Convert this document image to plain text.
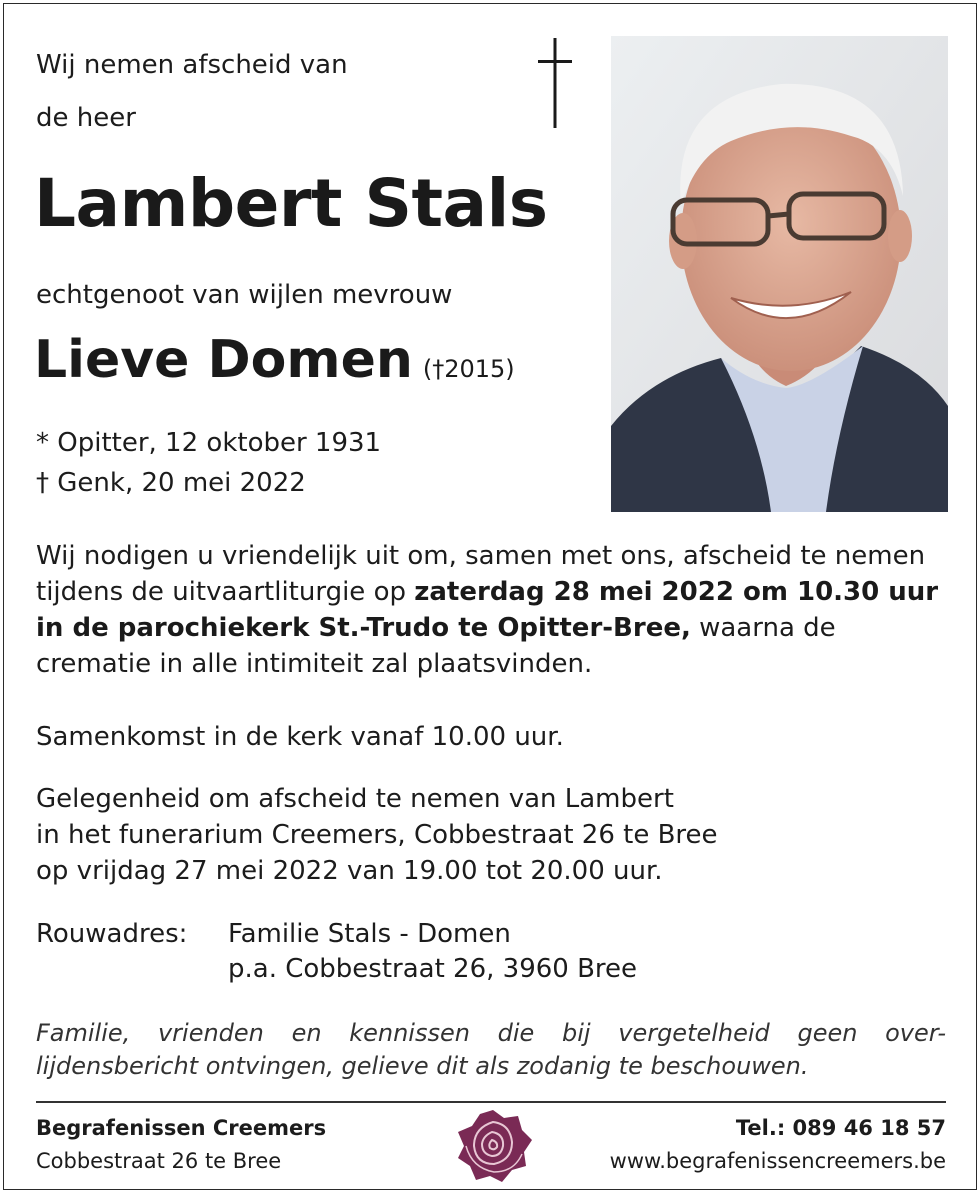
Wij nemen afscheid van
de heer
Lambert Stals
echtgenoot van wijlen mevrouw
Lieve Domen (†2015)
* Opitter, 12 oktober 1931
† Genk, 20 mei 2022
Wij nodigen u vriendelijk uit om, samen met ons, afscheid te nemen tijdens de uitvaartliturgie op zaterdag 28 mei 2022 om 10.30 uur in de parochiekerk St.-Trudo te Opitter-Bree, waarna de crematie in alle intimiteit zal plaatsvinden.
Samenkomst in de kerk vanaf 10.00 uur.
Gelegenheid om afscheid te nemen van Lambert
in het funerarium Creemers, Cobbestraat 26 te Bree
op vrijdag 27 mei 2022 van 19.00 tot 20.00 uur.
Rouwadres: Familie Stals - Domen
p.a. Cobbestraat 26, 3960 Bree
Familie, vrienden en kennissen die bij vergetelheid geen over-lijdensbericht ontvingen, gelieve dit als zodanig te beschouwen.
Begrafenissen Creemers
Cobbestraat 26 te Bree
Tel.: 089 46 18 57
www.begrafenissencreemers.be
